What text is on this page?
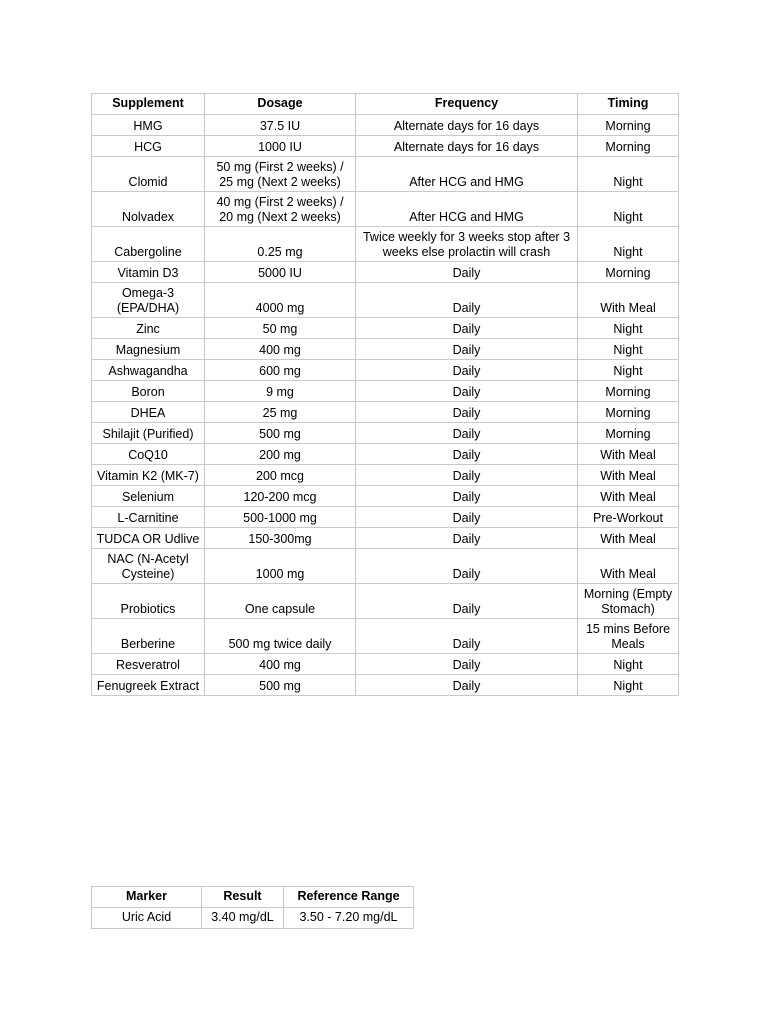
Supplement	Dosage	Frequency	Timing
HMG	37.5 IU	Alternate days for 16 days	Morning
HCG	1000 IU	Alternate days for 16 days	Morning
Clomid	50 mg (First 2 weeks) / 25 mg (Next 2 weeks)	After HCG and HMG	Night
Nolvadex	40 mg (First 2 weeks) / 20 mg (Next 2 weeks)	After HCG and HMG	Night
Cabergoline	0.25 mg	Twice weekly for 3 weeks stop after 3 weeks else prolactin will crash	Night
Vitamin D3	5000 IU	Daily	Morning
Omega-3 (EPA/DHA)	4000 mg	Daily	With Meal
Zinc	50 mg	Daily	Night
Magnesium	400 mg	Daily	Night
Ashwagandha	600 mg	Daily	Night
Boron	9 mg	Daily	Morning
DHEA	25 mg	Daily	Morning
Shilajit (Purified)	500 mg	Daily	Morning
CoQ10	200 mg	Daily	With Meal
Vitamin K2 (MK-7)	200 mcg	Daily	With Meal
Selenium	120-200 mcg	Daily	With Meal
L-Carnitine	500-1000 mg	Daily	Pre-Workout
TUDCA OR Udlive	150-300mg	Daily	With Meal
NAC (N-Acetyl Cysteine)	1000 mg	Daily	With Meal
Probiotics	One capsule	Daily	Morning (Empty Stomach)
Berberine	500 mg twice daily	Daily	15 mins Before Meals
Resveratrol	400 mg	Daily	Night
Fenugreek Extract	500 mg	Daily	Night
Marker	Result	Reference Range
Uric Acid	3.40 mg/dL	3.50 - 7.20 mg/dL
